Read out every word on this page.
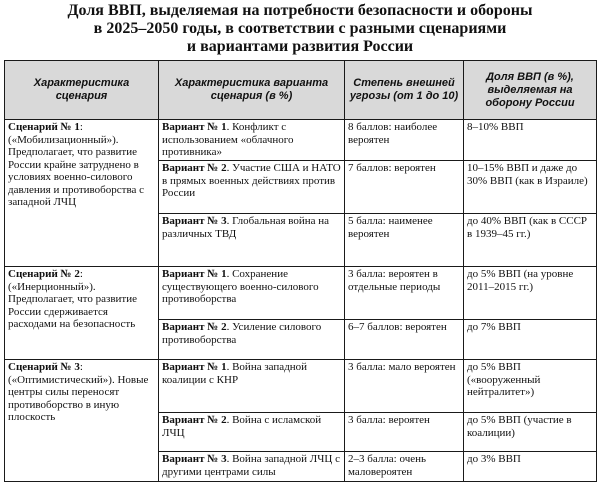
Доля ВВП, выделяемая на потребности безопасности и обороны
в 2025–2050 годы, в соответствии с разными сценариями
и вариантами развития России
Характеристика сценария	Характеристика варианта сценария (в %)	Степень внешней угрозы (от 1 до 10)	Доля ВВП (в %), выделяемая на оборону России
Сценарий № 1: («Мобилизационный»). Предполагает, что развитие России крайне затруднено в условиях военно-силового давления и противоборства с западной ЛЧЦ	Вариант № 1. Конфликт с использованием «облачного противника»	8 баллов: наиболее вероятен	8–10% ВВП
	Вариант № 2. Участие США и НАТО в прямых военных действиях против России	7 баллов: вероятен	10–15% ВВП и даже до 30% ВВП (как в Израиле)
	Вариант № 3. Глобальная война на различных ТВД	5 балла: наименее вероятен	до 40% ВВП (как в СССР в 1939–45 гг.)
Сценарий № 2: («Инерционный»). Предполагает, что развитие России сдерживается расходами на безопасность	Вариант № 1. Сохранение существующего военно-силового противоборства	3 балла: вероятен в отдельные периоды	до 5% ВВП (на уровне 2011–2015 гг.)
	Вариант № 2. Усиление силового противоборства	6–7 баллов: вероятен	до 7% ВВП
Сценарий № 3: («Оптимистический»). Новые центры силы переносят противоборство в иную плоскость	Вариант № 1. Война западной коалиции с КНР	3 балла: мало вероятен	до 5% ВВП («вооруженный нейтралитет»)
	Вариант № 2. Война с исламской ЛЧЦ	3 балла: вероятен	до 5% ВВП (участие в коалиции)
	Вариант № 3. Война западной ЛЧЦ с другими центрами силы	2–3 балла: очень маловероятен	до 3% ВВП
